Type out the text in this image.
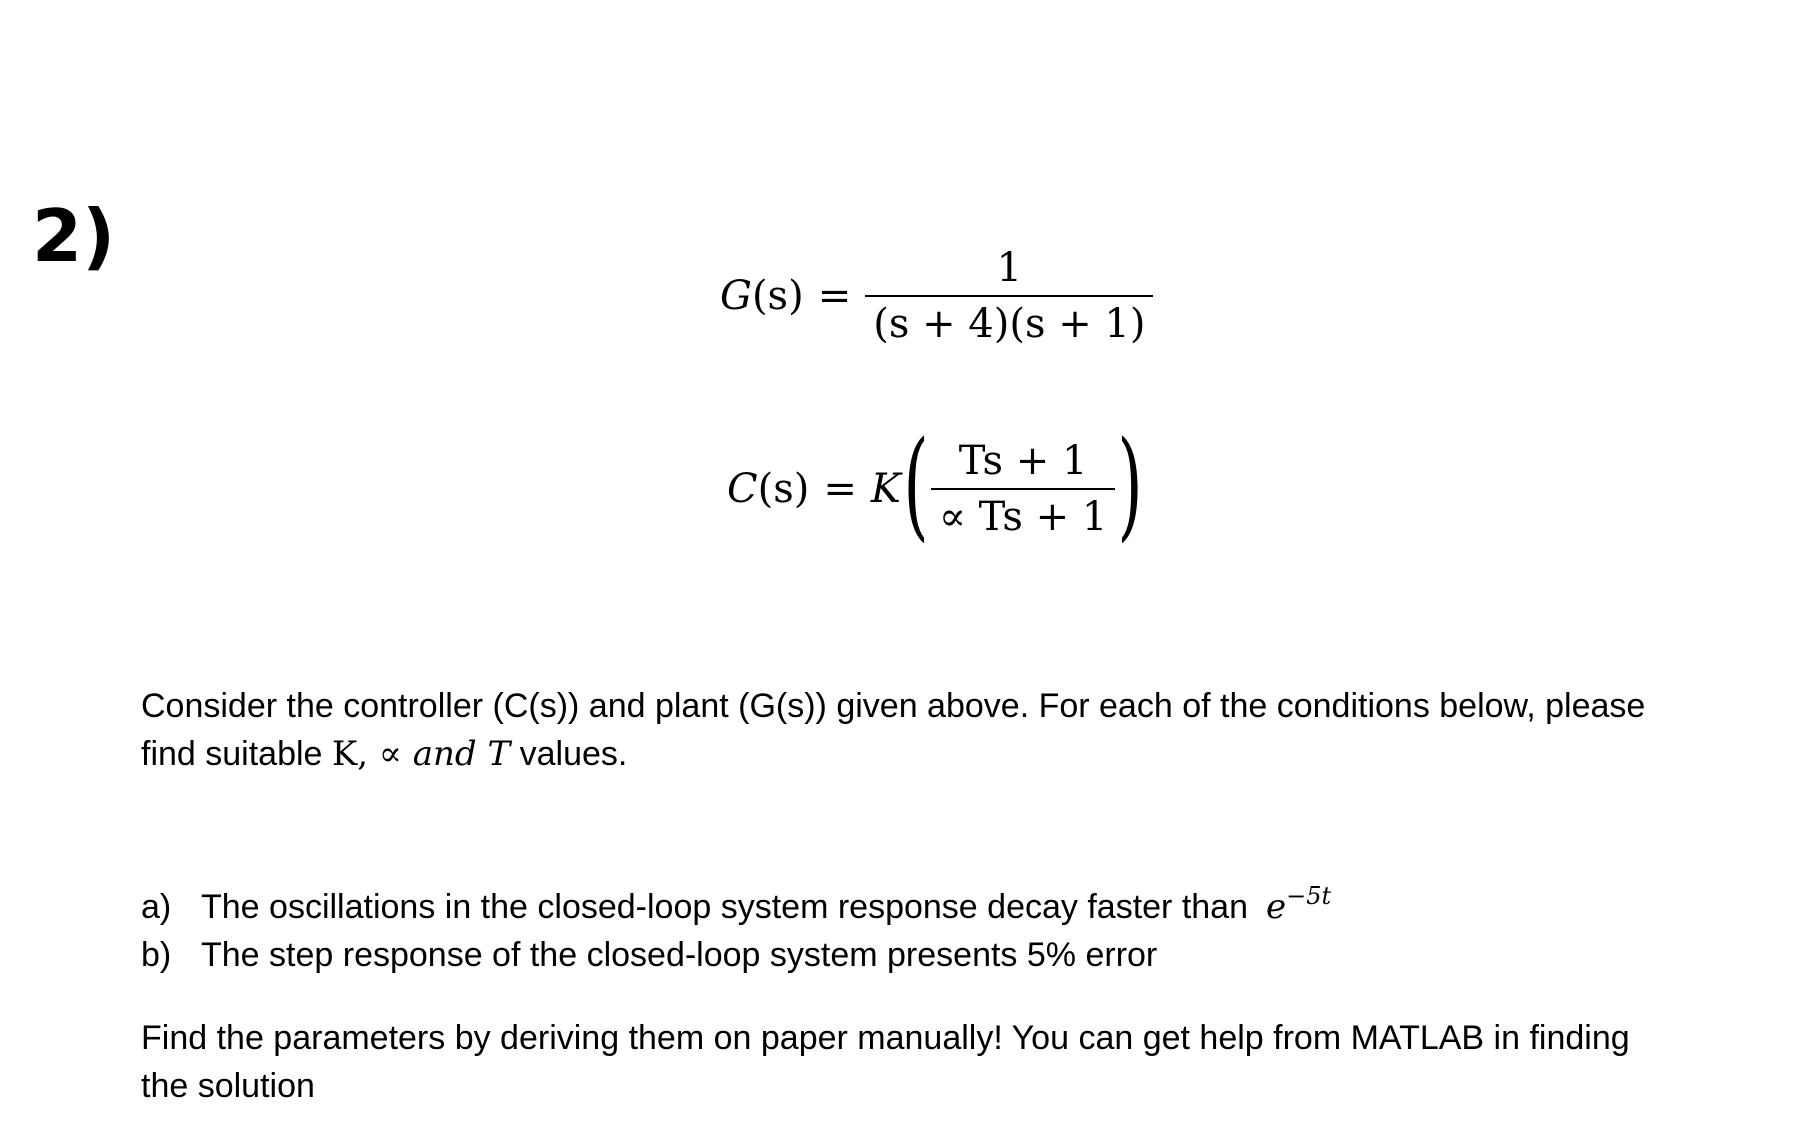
2)
$G(s) = \frac{1}{(s + 4)(s + 1)}$
C(s) = K ( $\frac{Ts + 1}{\propto Ts + 1}$ )
Consider the controller (C(s)) and plant (G(s)) given above. For each of the conditions below, please
find suitable K, ∝ and T values.
a) The oscillations in the closed-loop system response decay faster than $e^{-5t}$
b) The step response of the closed-loop system presents 5% error
Find the parameters by deriving them on paper manually! You can get help from MATLAB in finding
the solution
